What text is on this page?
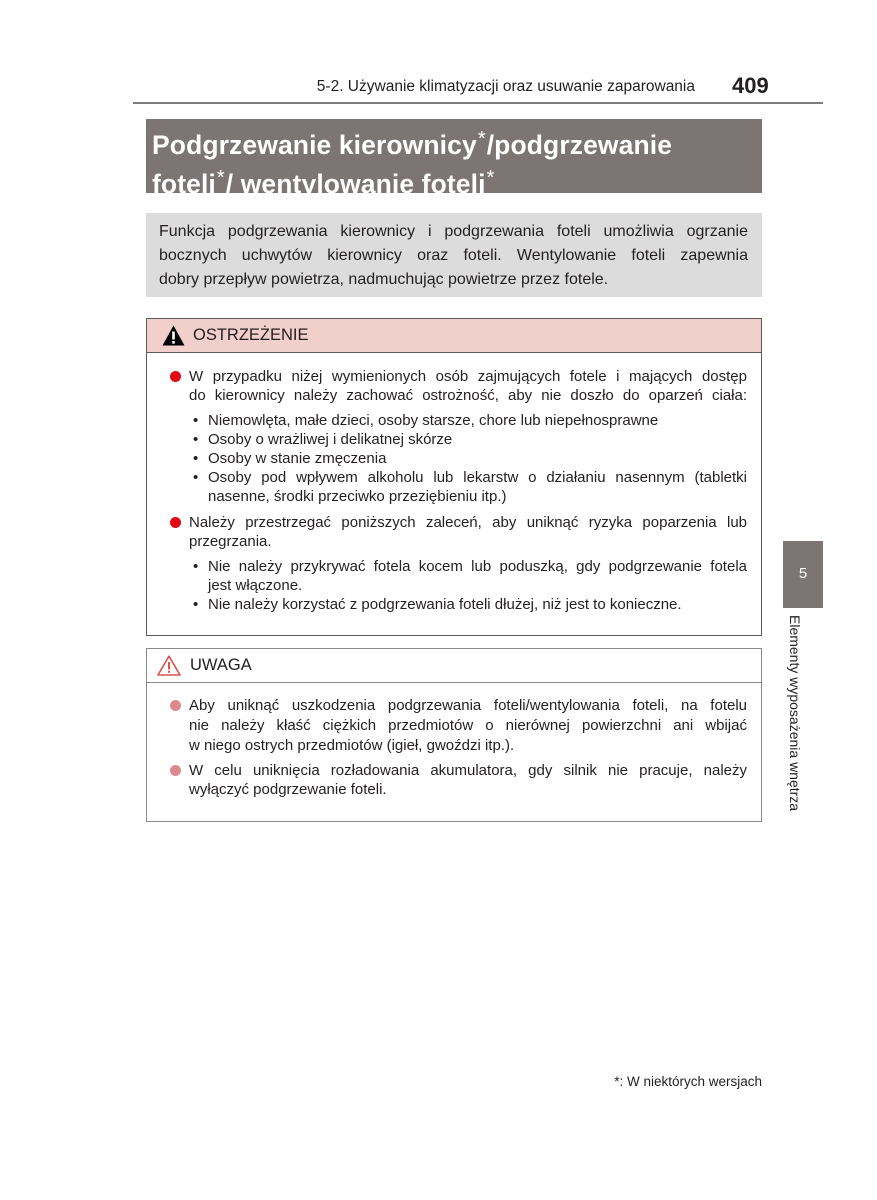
5-2. Używanie klimatyzacji oraz usuwanie zaparowania 409
Podgrzewanie kierownicy*/podgrzewanie
foteli*/ wentylowanie foteli*
Funkcja podgrzewania kierownicy i podgrzewania foteli umożliwia ogrzanie
bocznych uchwytów kierownicy oraz foteli. Wentylowanie foteli zapewnia
dobry przepływ powietrza, nadmuchując powietrze przez fotele.
OSTRZEŻENIE
W przypadku niżej wymienionych osób zajmujących fotele i mających dostęp
do kierownicy należy zachować ostrożność, aby nie doszło do oparzeń ciała:
• Niemowlęta, małe dzieci, osoby starsze, chore lub niepełnosprawne
• Osoby o wrażliwej i delikatnej skórze
• Osoby w stanie zmęczenia
• Osoby pod wpływem alkoholu lub lekarstw o działaniu nasennym (tabletki
nasenne, środki przeciwko przeziębieniu itp.)
Należy przestrzegać poniższych zaleceń, aby uniknąć ryzyka poparzenia lub
przegrzania.
• Nie należy przykrywać fotela kocem lub poduszką, gdy podgrzewanie fotela
jest włączone.
• Nie należy korzystać z podgrzewania foteli dłużej, niż jest to konieczne.
UWAGA
Aby uniknąć uszkodzenia podgrzewania foteli/wentylowania foteli, na fotelu
nie należy kłaść ciężkich przedmiotów o nierównej powierzchni ani wbijać
w niego ostrych przedmiotów (igieł, gwoździ itp.).
W celu uniknięcia rozładowania akumulatora, gdy silnik nie pracuje, należy
wyłączyć podgrzewanie foteli.
5
Elementy wyposażenia wnętrza
*: W niektórych wersjach
